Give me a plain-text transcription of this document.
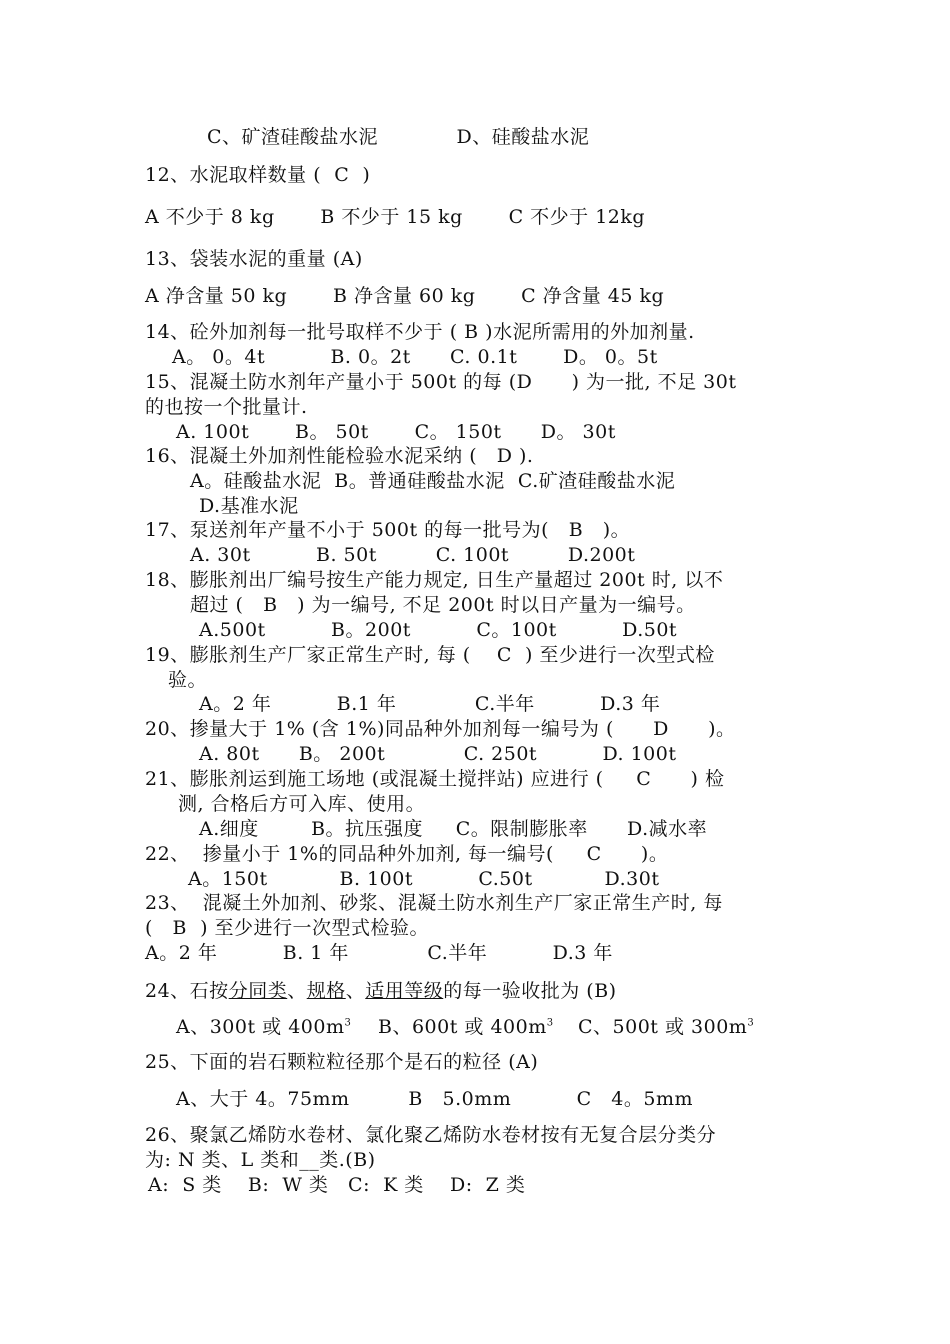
C、矿渣硅酸盐水泥            D、硅酸盐水泥
12、水泥取样数量 (  C  )
A 不少于 8 kg       B 不少于 15 kg       C 不少于 12kg
13、袋装水泥的重量 (A)
A 净含量 50 kg       B 净含量 60 kg       C 净含量 45 kg
14、砼外加剂每一批号取样不少于 ( B )水泥所需用的外加剂量.
A。 0。4t          B. 0。2t      C. 0.1t       D。 0。5t
15、混凝土防水剂年产量小于 500t 的每 (D      ) 为一批, 不足 30t
的也按一个批量计.
A. 100t       B。 50t       C。 150t      D。 30t
16、混凝土外加剂性能检验水泥采纳 (   D ).
A。硅酸盐水泥  B。普通硅酸盐水泥  C.矿渣硅酸盐水泥
D.基准水泥
17、泵送剂年产量不小于 500t 的每一批号为(   B   )。
A. 30t          B. 50t         C. 100t         D.200t
18、膨胀剂出厂编号按生产能力规定, 日生产量超过 200t 时, 以不
超过 (   B   ) 为一编号, 不足 200t 时以日产量为一编号。
A.500t          B。200t          C。100t          D.50t
19、膨胀剂生产厂家正常生产时, 每 (    C  ) 至少进行一次型式检
验。
A。2 年          B.1 年            C.半年          D.3 年
20、掺量大于 1% (含 1%)同品种外加剂每一编号为 (      D      )。
A. 80t      B。 200t            C. 250t          D. 100t
21、膨胀剂运到施工场地 (或混凝土搅拌站) 应进行 (     C      ) 检
测, 合格后方可入库、使用。
A.细度        B。抗压强度     C。限制膨胀率      D.减水率
22、  掺量小于 1%的同品种外加剂, 每一编号(     C      )。
A。150t           B. 100t          C.50t           D.30t
23、  混凝土外加剂、砂浆、混凝土防水剂生产厂家正常生产时, 每
(   B  ) 至少进行一次型式检验。
A。2 年          B. 1 年            C.半年          D.3 年
24、石按分同类、规格、适用等级的每一验收批为 (B)
A、300t 或 $400m^3$ B、600t 或 $400m^3$ C、500t 或 $300m^3$
25、下面的岩石颗粒粒径那个是石的粒径 (A)
A、大于 4。75mm         B   5.0mm          C   4。5mm
26、聚氯乙烯防水卷材、氯化聚乙烯防水卷材按有无复合层分类分
为: N 类、L 类和__类.(B)
A:  S 类    B:  W 类   C:  K 类    D:  Z 类
